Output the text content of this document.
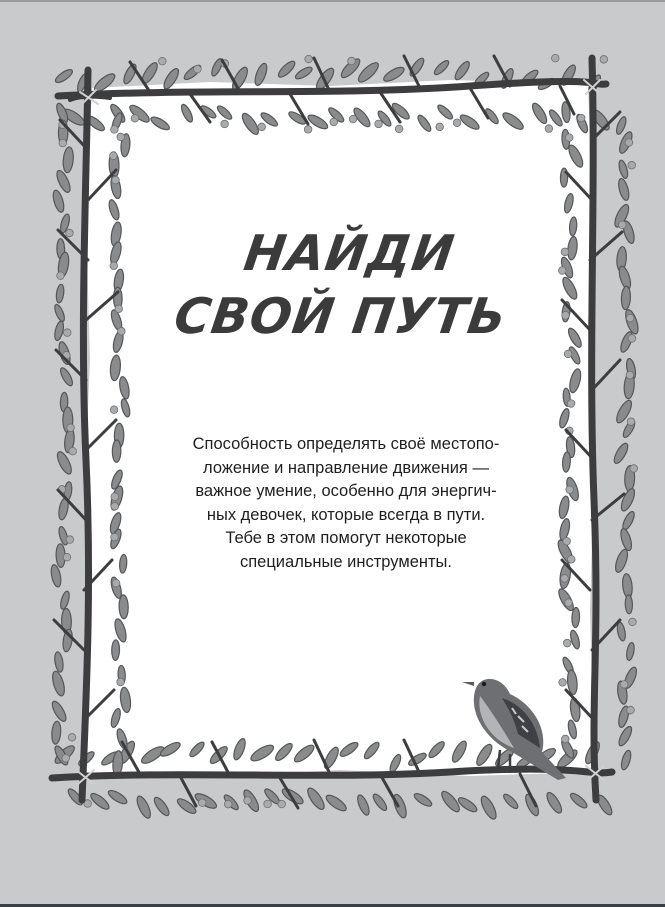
НАЙДИ
СВОЙ ПУТЬ
Способность определять своё местопо-
ложение и направление движения —
важное умение, особенно для энергич-
ных девочек, которые всегда в пути.
Тебе в этом помогут некоторые
специальные инструменты.
